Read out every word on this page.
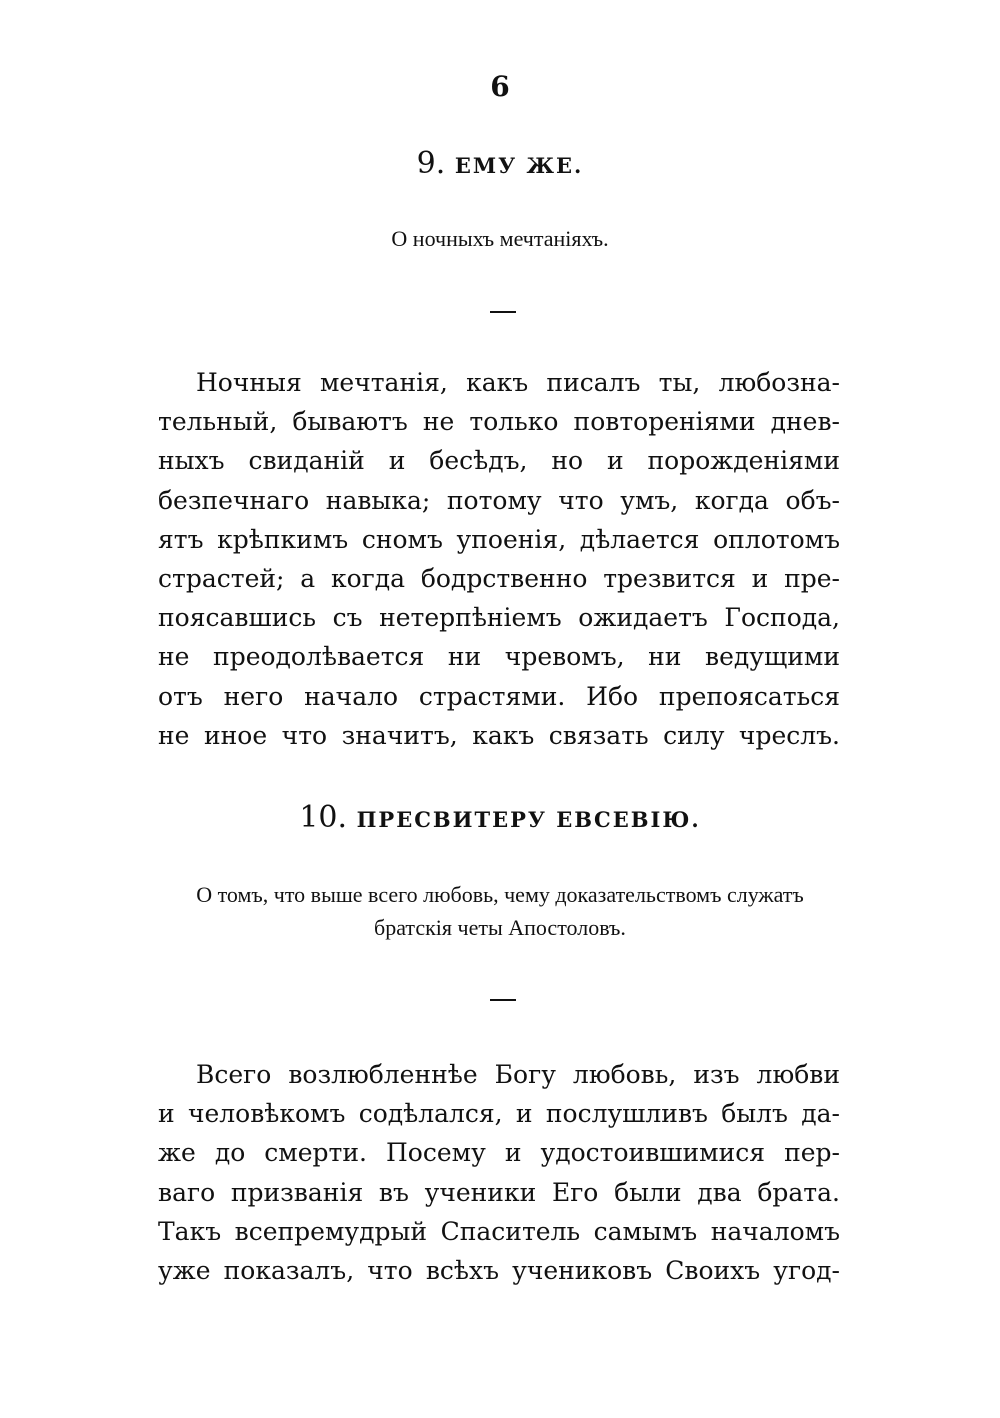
6
9. ЕМУ ЖЕ.
О ночныхъ мечтаніяхъ.
Ночныя мечтанія, какъ писалъ ты, любозна-
тельный, бываютъ не только повтореніями днев-
ныхъ свиданій и бесѣдъ, но и порожденіями
безпечнаго навыка; потому что умъ, когда объ-
ятъ крѣпкимъ сномъ упоенія, дѣлается оплотомъ
страстей; а когда бодрственно трезвится и пре-
поясавшись съ нетерпѣніемъ ожидаетъ Господа,
не преодолѣвается ни чревомъ, ни ведущими
отъ него начало страстями. Ибо препоясаться
не иное что значитъ, какъ связать силу чреслъ.
10. ПРЕСВИТЕРУ ЕВСЕВІЮ.
О томъ, что выше всего любовь, чему доказательствомъ служатъ
братскія четы Апостоловъ.
Всего возлюбленнѣе Богу любовь, изъ любви
и человѣкомъ содѣлался, и послушливъ былъ да-
же до смерти. Посему и удостоившимися пер-
ваго призванія въ ученики Его были два брата.
Такъ всепремудрый Спаситель самымъ началомъ
уже показалъ, что всѣхъ учениковъ Своихъ угод-
